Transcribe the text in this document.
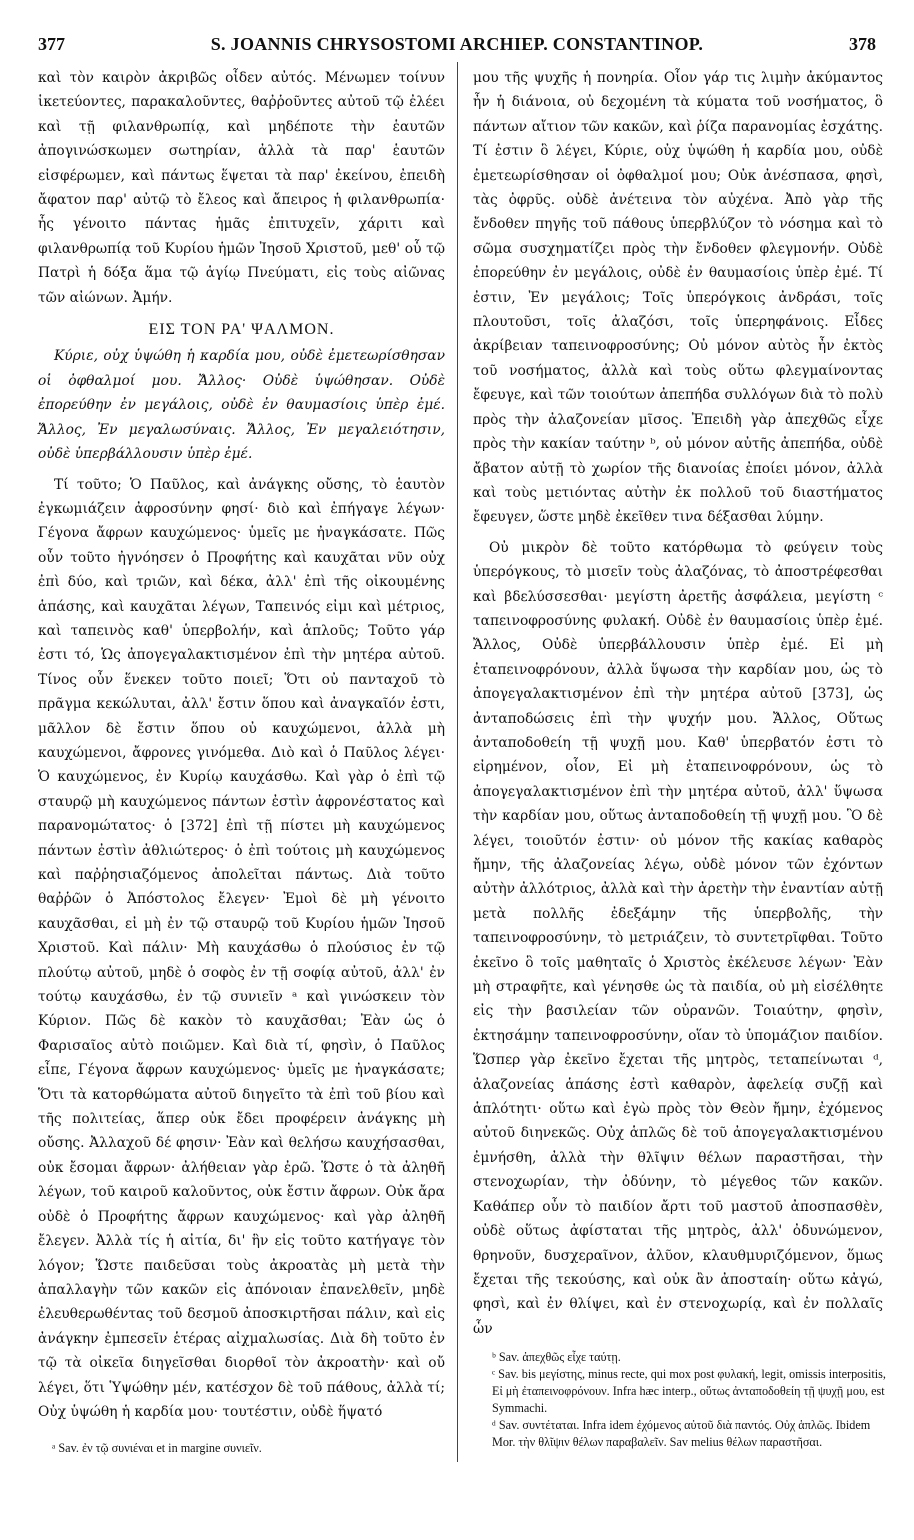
377	S. JOANNIS CHRYSOSTOMI ARCHIEP. CONSTANTINOP.	378

καὶ τὸν καιρὸν ἀκριβῶς οἶδεν αὐτός. Μένωμεν τοίνυν ἱκετεύοντες, παρακαλοῦντες, θαῤῥοῦντες αὐτοῦ τῷ ἐλέει καὶ τῇ φιλανθρωπίᾳ, καὶ μηδέποτε τὴν ἑαυτῶν ἀπογινώσκωμεν σωτηρίαν, ἀλλὰ τὰ παρ' ἑαυτῶν εἰσφέρωμεν, καὶ πάντως ἕψεται τὰ παρ' ἐκείνου, ἐπειδὴ ἄφατον παρ' αὐτῷ τὸ ἔλεος καὶ ἄπειρος ἡ φιλανθρωπία· ἧς γένοιτο πάντας ἡμᾶς ἐπιτυχεῖν, χάριτι καὶ φιλανθρωπίᾳ τοῦ Κυρίου ἡμῶν Ἰησοῦ Χριστοῦ, μεθ' οὗ τῷ Πατρὶ ἡ δόξα ἅμα τῷ ἁγίῳ Πνεύματι, εἰς τοὺς αἰῶνας τῶν αἰώνων. Ἀμήν.

ΕΙΣ ΤΟΝ ΡΑ' ΨΑΛΜΟΝ.

Κύριε, οὐχ ὑψώθη ἡ καρδία μου, οὐδὲ ἐμετεωρίσθησαν οἱ ὀφθαλμοί μου. Ἄλλος· Οὐδὲ ὑψώθησαν. Οὐδὲ ἐπορεύθην ἐν μεγάλοις, οὐδὲ ἐν θαυμασίοις ὑπὲρ ἐμέ. Ἄλλος, Ἐν μεγαλωσύναις. Ἄλλος, Ἐν μεγαλειότησιν, οὐδὲ ὑπερβάλλουσιν ὑπὲρ ἐμέ.

Τί τοῦτο; Ὁ Παῦλος, καὶ ἀνάγκης οὔσης, τὸ ἑαυτὸν ἐγκωμιάζειν ἀφροσύνην φησί· διὸ καὶ ἐπήγαγε λέγων· Γέγονα ἄφρων καυχώμενος· ὑμεῖς με ἠναγκάσατε. Πῶς οὖν τοῦτο ἠγνόησεν ὁ Προφήτης καὶ καυχᾶται νῦν οὐχ ἐπὶ δύο, καὶ τριῶν, καὶ δέκα, ἀλλ' ἐπὶ τῆς οἰκουμένης ἁπάσης, καὶ καυχᾶται λέγων, Ταπεινός εἰμι καὶ μέτριος, καὶ ταπεινὸς καθ' ὑπερβολήν, καὶ ἁπλοῦς; Τοῦτο γάρ ἐστι τό, Ὡς ἀπογεγαλακτισμένον ἐπὶ τὴν μητέρα αὐτοῦ. Τίνος οὖν ἕνεκεν τοῦτο ποιεῖ; Ὅτι οὐ πανταχοῦ τὸ πρᾶγμα κεκώλυται, ἀλλ' ἔστιν ὅπου καὶ ἀναγκαῖόν ἐστι, μᾶλλον δὲ ἔστιν ὅπου οὐ καυχώμενοι, ἀλλὰ μὴ καυχώμενοι, ἄφρονες γινόμεθα. Διὸ καὶ ὁ Παῦλος λέγει· Ὁ καυχώμενος, ἐν Κυρίῳ καυχάσθω. Καὶ γὰρ ὁ ἐπὶ τῷ σταυρῷ μὴ καυχώμενος πάντων ἐστὶν ἀφρονέστατος καὶ παρανομώτατος· ὁ [372] ἐπὶ τῇ πίστει μὴ καυχώμενος πάντων ἐστὶν ἀθλιώτερος· ὁ ἐπὶ τούτοις μὴ καυχώμενος καὶ παῤῥησιαζόμενος ἀπολεῖται πάντως. Διὰ τοῦτο θαῤῥῶν ὁ Ἀπόστολος ἔλεγεν· Ἐμοὶ δὲ μὴ γένοιτο καυχᾶσθαι, εἰ μὴ ἐν τῷ σταυρῷ τοῦ Κυρίου ἡμῶν Ἰησοῦ Χριστοῦ. Καὶ πάλιν· Μὴ καυχάσθω ὁ πλούσιος ἐν τῷ πλούτῳ αὐτοῦ, μηδὲ ὁ σοφὸς ἐν τῇ σοφίᾳ αὐτοῦ, ἀλλ' ἐν τούτῳ καυχάσθω, ἐν τῷ συνιεῖν ᵃ καὶ γινώσκειν τὸν Κύριον. Πῶς δὲ κακὸν τὸ καυχᾶσθαι; Ἐὰν ὡς ὁ Φαρισαῖος αὐτὸ ποιῶμεν. Καὶ διὰ τί, φησὶν, ὁ Παῦλος εἶπε, Γέγονα ἄφρων καυχώμενος· ὑμεῖς με ἠναγκάσατε; Ὅτι τὰ κατορθώματα αὐτοῦ διηγεῖτο τὰ ἐπὶ τοῦ βίου καὶ τῆς πολιτείας, ἅπερ οὐκ ἔδει προφέρειν ἀνάγκης μὴ οὔσης. Ἀλλαχοῦ δέ φησιν· Ἐὰν καὶ θελήσω καυχήσασθαι, οὐκ ἔσομαι ἄφρων· ἀλήθειαν γὰρ ἐρῶ. Ὥστε ὁ τὰ ἀληθῆ λέγων, τοῦ καιροῦ καλοῦντος, οὐκ ἔστιν ἄφρων. Οὐκ ἄρα οὐδὲ ὁ Προφήτης ἄφρων καυχώμενος· καὶ γὰρ ἀληθῆ ἔλεγεν. Ἀλλὰ τίς ἡ αἰτία, δι' ἣν εἰς τοῦτο κατήγαγε τὸν λόγον; Ὥστε παιδεῦσαι τοὺς ἀκροατὰς μὴ μετὰ τὴν ἀπαλλαγὴν τῶν κακῶν εἰς ἀπόνοιαν ἐπανελθεῖν, μηδὲ ἐλευθερωθέντας τοῦ δεσμοῦ ἀποσκιρτῆσαι πάλιν, καὶ εἰς ἀνάγκην ἐμπεσεῖν ἑτέρας αἰχμαλωσίας. Διὰ δὴ τοῦτο ἐν τῷ τὰ οἰκεῖα διηγεῖσθαι διορθοῖ τὸν ἀκροατὴν· καὶ οὔ λέγει, ὅτι Ὑψώθην μέν, κατέσχον δὲ τοῦ πάθους, ἀλλὰ τί; Οὐχ ὑψώθη ἡ καρδία μου· τουτέστιν, οὐδὲ ἥψατό

μου τῆς ψυχῆς ἡ πονηρία. Οἷον γάρ τις λιμὴν ἀκύμαντος ἦν ἡ διάνοια, οὐ δεχομένη τὰ κύματα τοῦ νοσήματος, ὃ πάντων αἴτιον τῶν κακῶν, καὶ ῥίζα παρανομίας ἐσχάτης. Τί ἐστιν ὃ λέγει, Κύριε, οὐχ ὑψώθη ἡ καρδία μου, οὐδὲ ἐμετεωρίσθησαν οἱ ὀφθαλμοί μου; Οὐκ ἀνέσπασα, φησὶ, τὰς ὀφρῦς. οὐδὲ ἀνέτεινα τὸν αὐχένα. Ἀπὸ γὰρ τῆς ἔνδοθεν πηγῆς τοῦ πάθους ὑπερβλύζον τὸ νόσημα καὶ τὸ σῶμα συσχηματίζει πρὸς τὴν ἔνδοθεν φλεγμονήν. Οὐδὲ ἐπορεύθην ἐν μεγάλοις, οὐδὲ ἐν θαυμασίοις ὑπὲρ ἐμέ. Τί ἐστιν, Ἐν μεγάλοις; Τοῖς ὑπερόγκοις ἀνδράσι, τοῖς πλουτοῦσι, τοῖς ἀλαζόσι, τοῖς ὑπερηφάνοις. Εἶδες ἀκρίβειαν ταπεινοφροσύνης; Οὐ μόνον αὐτὸς ἦν ἐκτὸς τοῦ νοσήματος, ἀλλὰ καὶ τοὺς οὕτω φλεγμαίνοντας ἔφευγε, καὶ τῶν τοιούτων ἀπεπήδα συλλόγων διὰ τὸ πολὺ πρὸς τὴν ἀλαζονείαν μῖσος. Ἐπειδὴ γὰρ ἀπεχθῶς εἶχε πρὸς τὴν κακίαν ταύτην ᵇ, οὐ μόνον αὐτῆς ἀπεπήδα, οὐδὲ ἄβατον αὐτῇ τὸ χωρίον τῆς διανοίας ἐποίει μόνον, ἀλλὰ καὶ τοὺς μετιόντας αὐτὴν ἐκ πολλοῦ τοῦ διαστήματος ἔφευγεν, ὥστε μηδὲ ἐκεῖθεν τινα δέξασθαι λύμην.

Οὐ μικρὸν δὲ τοῦτο κατόρθωμα τὸ φεύγειν τοὺς ὑπερόγκους, τὸ μισεῖν τοὺς ἀλαζόνας, τὸ ἀποστρέφεσθαι καὶ βδελύσσεσθαι· μεγίστη ἀρετῆς ἀσφάλεια, μεγίστη ᶜ ταπεινοφροσύνης φυλακή. Οὐδὲ ἐν θαυμασίοις ὑπὲρ ἐμέ. Ἄλλος, Οὐδὲ ὑπερβάλλουσιν ὑπὲρ ἐμέ. Εἰ μὴ ἐταπεινοφρόνουν, ἀλλὰ ὕψωσα τὴν καρδίαν μου, ὡς τὸ ἀπογεγαλακτισμένον ἐπὶ τὴν μητέρα αὐτοῦ [373], ὡς ἀνταποδώσεις ἐπὶ τὴν ψυχήν μου. Ἄλλος, Οὕτως ἀνταποδοθείη τῇ ψυχῇ μου. Καθ' ὑπερβατόν ἐστι τὸ εἰρημένον, οἷον, Εἰ μὴ ἐταπεινοφρόνουν, ὡς τὸ ἀπογεγαλακτισμένον ἐπὶ τὴν μητέρα αὐτοῦ, ἀλλ' ὕψωσα τὴν καρδίαν μου, οὕτως ἀνταποδοθείη τῇ ψυχῇ μου. Ὃ δὲ λέγει, τοιοῦτόν ἐστιν· οὐ μόνον τῆς κακίας καθαρὸς ἤμην, τῆς ἀλαζονείας λέγω, οὐδὲ μόνον τῶν ἐχόντων αὐτὴν ἀλλότριος, ἀλλὰ καὶ τὴν ἀρετὴν τὴν ἐναντίαν αὐτῇ μετὰ πολλῆς ἐδεξάμην τῆς ὑπερβολῆς, τὴν ταπεινοφροσύνην, τὸ μετριάζειν, τὸ συντετρῖφθαι. Τοῦτο ἐκεῖνο ὃ τοῖς μαθηταῖς ὁ Χριστὸς ἐκέλευσε λέγων· Ἐὰν μὴ στραφῆτε, καὶ γένησθε ὡς τὰ παιδία, οὐ μὴ εἰσέλθητε εἰς τὴν βασιλείαν τῶν οὐρανῶν. Τοιαύτην, φησὶν, ἐκτησάμην ταπεινοφροσύνην, οἵαν τὸ ὑπομάζιον παιδίον. Ὥσπερ γὰρ ἐκεῖνο ἔχεται τῆς μητρὸς, τεταπείνωται ᵈ, ἀλαζονείας ἁπάσης ἐστὶ καθαρὸν, ἀφελείᾳ συζῇ καὶ ἁπλότητι· οὕτω καὶ ἐγὼ πρὸς τὸν Θεὸν ἤμην, ἐχόμενος αὐτοῦ διηνεκῶς. Οὐχ ἁπλῶς δὲ τοῦ ἀπογεγαλακτισμένου ἐμνήσθη, ἀλλὰ τὴν θλῖψιν θέλων παραστῆσαι, τὴν στενοχωρίαν, τὴν ὀδύνην, τὸ μέγεθος τῶν κακῶν. Καθάπερ οὖν τὸ παιδίον ἄρτι τοῦ μαστοῦ ἀποσπασθὲν, οὐδὲ οὕτως ἀφίσταται τῆς μητρὸς, ἀλλ' ὀδυνώμενον, θρηνοῦν, δυσχεραῖνον, ἀλῦον, κλαυθμυριζόμενον, ὅμως ἔχεται τῆς τεκούσης, καὶ οὐκ ἂν ἀποσταίη· οὕτω κἀγώ, φησὶ, καὶ ἐν θλίψει, καὶ ἐν στενοχωρίᾳ, καὶ ἐν πολλαῖς ὧν

ᵇ Sav. ἀπεχθῶς εἶχε ταύτῃ.

ᶜ Sav. bis μεγίστης, minus recte, qui mox post φυλακή, legit, omissis interpositis, Εἰ μὴ ἐταπεινοφρόνουν. Infra hæc interp., οὕτως ἀνταποδοθείη τῇ ψυχῇ μου, est Symmachi.

ᵈ Sav. συντέταται. Infra idem ἐχόμενος αὐτοῦ διὰ παντός. Οὐχ ἁπλῶς. Ibidem Mor. τὴν θλῖψιν θέλων παραβαλεῖν. Sav melius θέλων παραστῆσαι.

ᵃ Sav. ἐν τῷ συνιέναι et in margine συνιεῖν.
